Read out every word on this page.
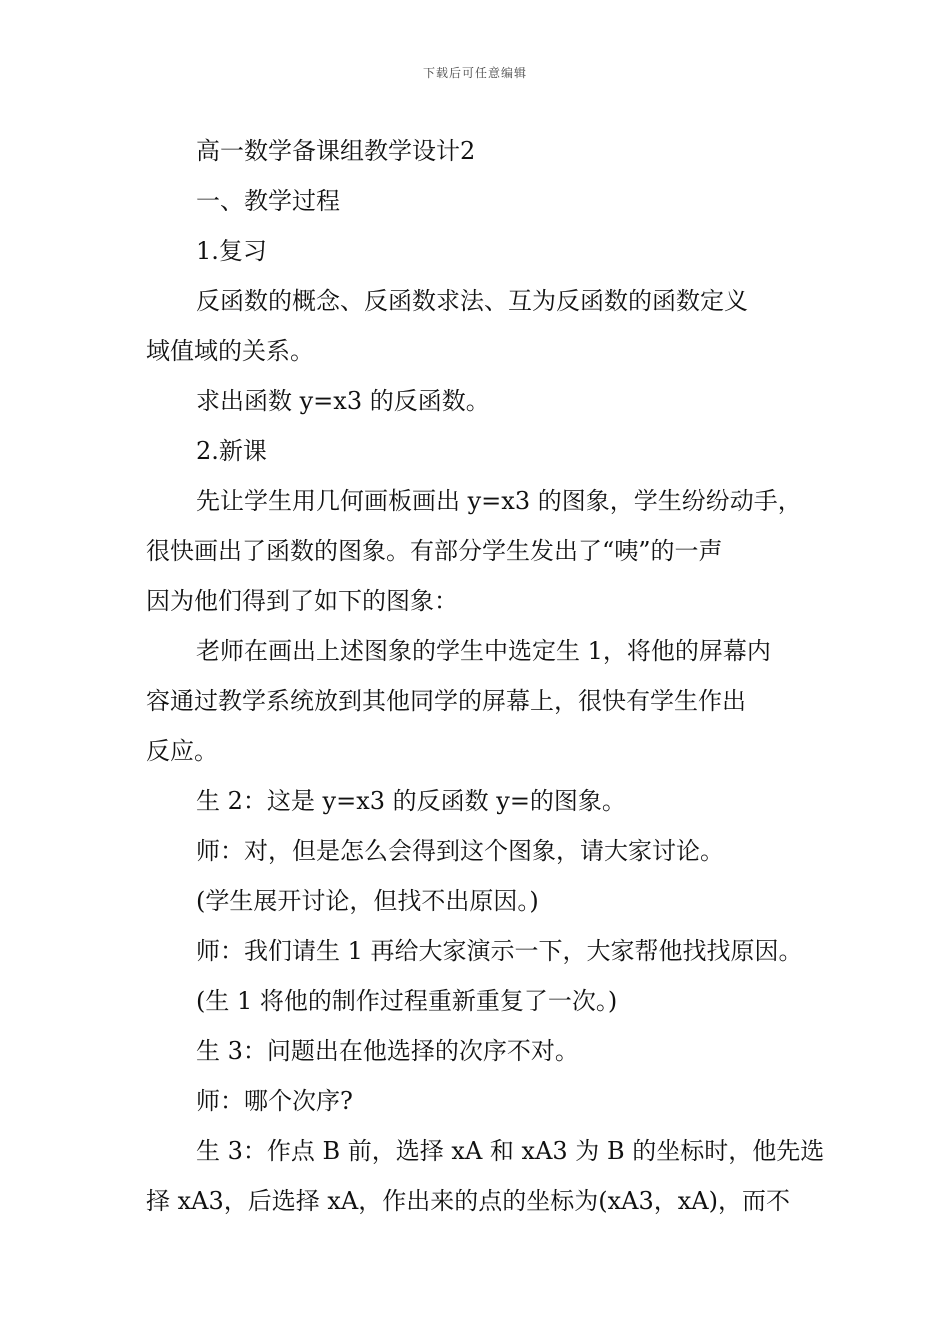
下载后可任意编辑

高一数学备课组教学设计2

一、教学过程

1.复习

反函数的概念、反函数求法、互为反函数的函数定义

域值域的关系。

求出函数 y=x3 的反函数。

2.新课

先让学生用几何画板画出 y=x3 的图象，学生纷纷动手，

很快画出了函数的图象。有部分学生发出了“咦”的一声

因为他们得到了如下的图象：

老师在画出上述图象的学生中选定生 1，将他的屏幕内

容通过教学系统放到其他同学的屏幕上，很快有学生作出

反应。

生 2：这是 y=x3 的反函数 y=的图象。

师：对，但是怎么会得到这个图象，请大家讨论。

(学生展开讨论，但找不出原因。)

师：我们请生 1 再给大家演示一下，大家帮他找找原因。

(生 1 将他的制作过程重新重复了一次。)

生 3：问题出在他选择的次序不对。

师：哪个次序?

生 3：作点 B 前，选择 xA 和 xA3 为 B 的坐标时，他先选

择 xA3，后选择 xA，作出来的点的坐标为(xA3，xA)，而不
